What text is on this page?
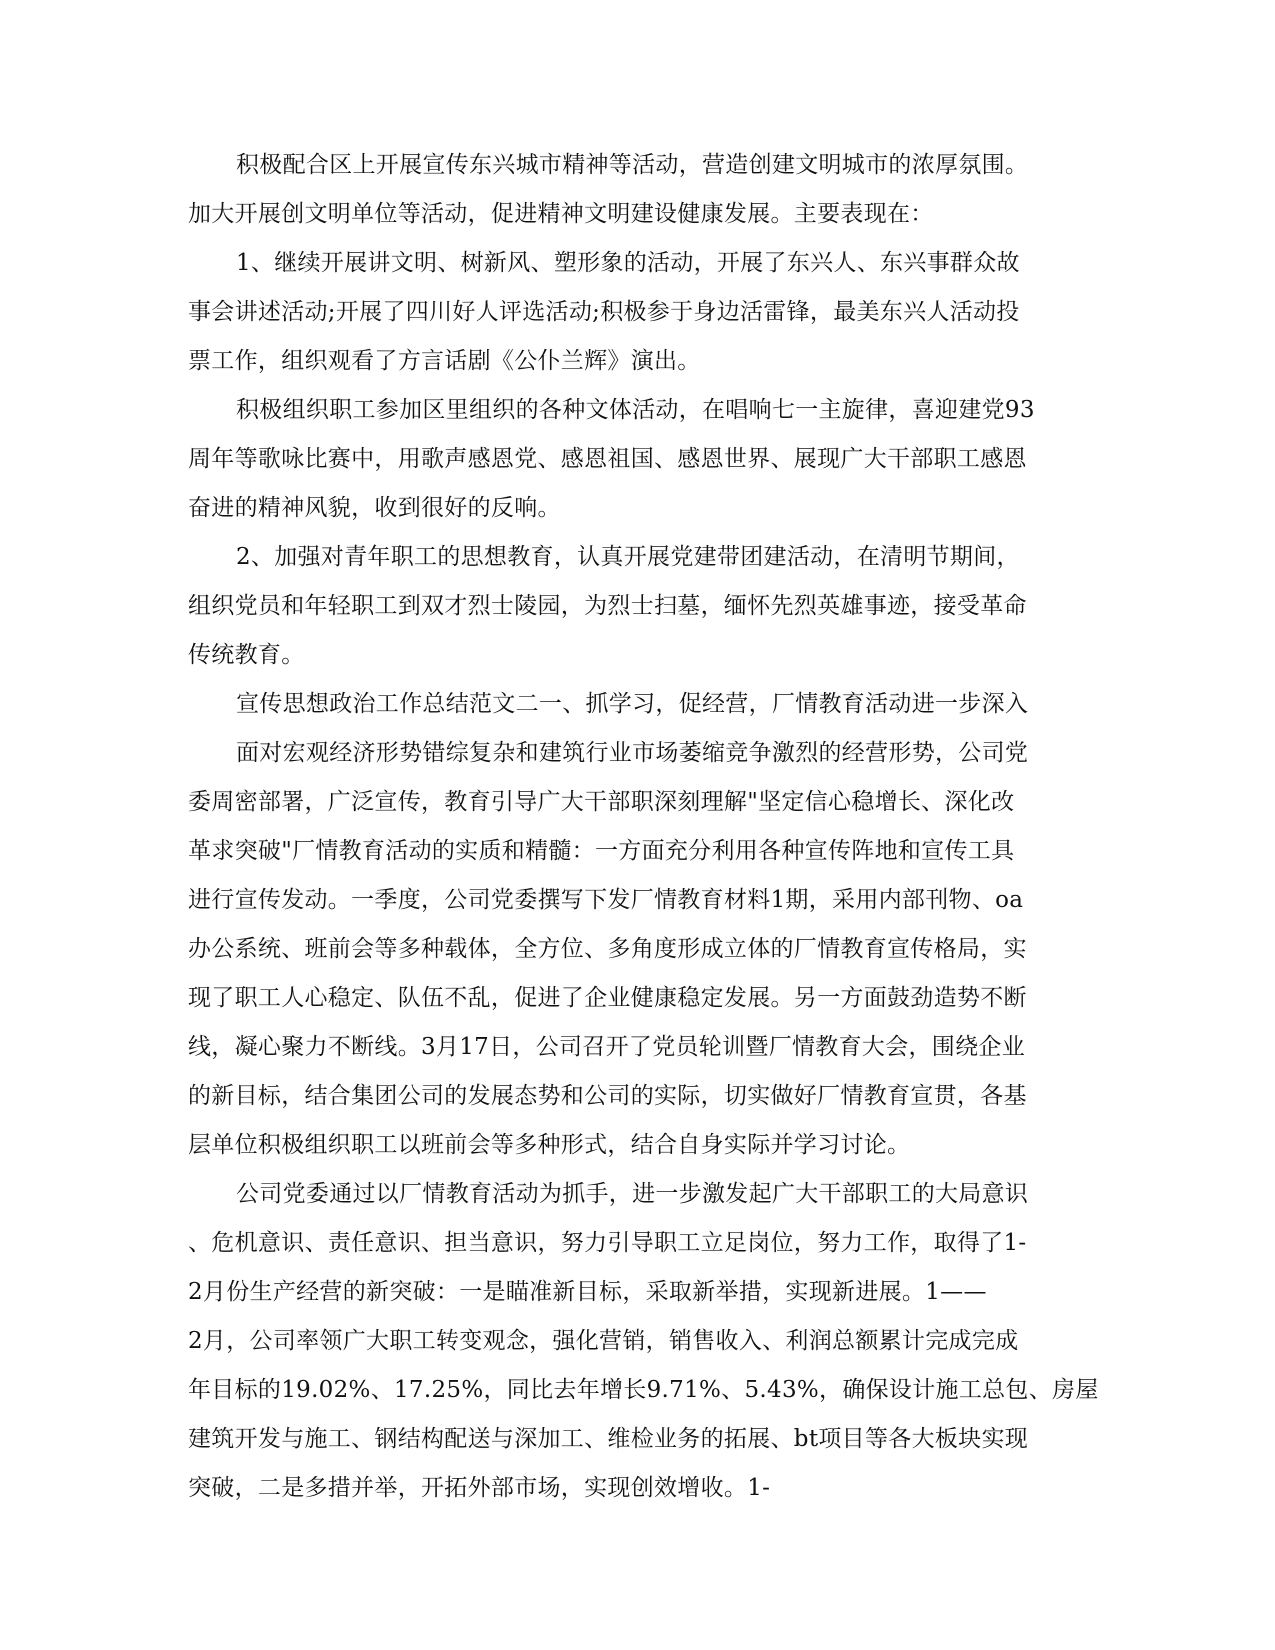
积极配合区上开展宣传东兴城市精神等活动，营造创建文明城市的浓厚氛围。
加大开展创文明单位等活动，促进精神文明建设健康发展。主要表现在：
1、继续开展讲文明、树新风、塑形象的活动，开展了东兴人、东兴事群众故
事会讲述活动;开展了四川好人评选活动;积极参于身边活雷锋，最美东兴人活动投
票工作，组织观看了方言话剧《公仆兰辉》演出。
积极组织职工参加区里组织的各种文体活动，在唱响七一主旋律，喜迎建党93
周年等歌咏比赛中，用歌声感恩党、感恩祖国、感恩世界、展现广大干部职工感恩
奋进的精神风貌，收到很好的反响。
2、加强对青年职工的思想教育，认真开展党建带团建活动，在清明节期间，
组织党员和年轻职工到双才烈士陵园，为烈士扫墓，缅怀先烈英雄事迹，接受革命
传统教育。
宣传思想政治工作总结范文二一、抓学习，促经营，厂情教育活动进一步深入
面对宏观经济形势错综复杂和建筑行业市场萎缩竞争激烈的经营形势，公司党
委周密部署，广泛宣传，教育引导广大干部职深刻理解"坚定信心稳增长、深化改
革求突破"厂情教育活动的实质和精髓：一方面充分利用各种宣传阵地和宣传工具
进行宣传发动。一季度，公司党委撰写下发厂情教育材料1期，采用内部刊物、oa
办公系统、班前会等多种载体，全方位、多角度形成立体的厂情教育宣传格局，实
现了职工人心稳定、队伍不乱，促进了企业健康稳定发展。另一方面鼓劲造势不断
线，凝心聚力不断线。3月17日，公司召开了党员轮训暨厂情教育大会，围绕企业
的新目标，结合集团公司的发展态势和公司的实际，切实做好厂情教育宣贯，各基
层单位积极组织职工以班前会等多种形式，结合自身实际并学习讨论。
公司党委通过以厂情教育活动为抓手，进一步激发起广大干部职工的大局意识
、危机意识、责任意识、担当意识，努力引导职工立足岗位，努力工作，取得了1-
2月份生产经营的新突破：一是瞄准新目标，采取新举措，实现新进展。1——
2月，公司率领广大职工转变观念，强化营销，销售收入、利润总额累计完成完成
年目标的19.02%、17.25%，同比去年增长9.71%、5.43%，确保设计施工总包、房屋
建筑开发与施工、钢结构配送与深加工、维检业务的拓展、bt项目等各大板块实现
突破，二是多措并举，开拓外部市场，实现创效增收。1-
